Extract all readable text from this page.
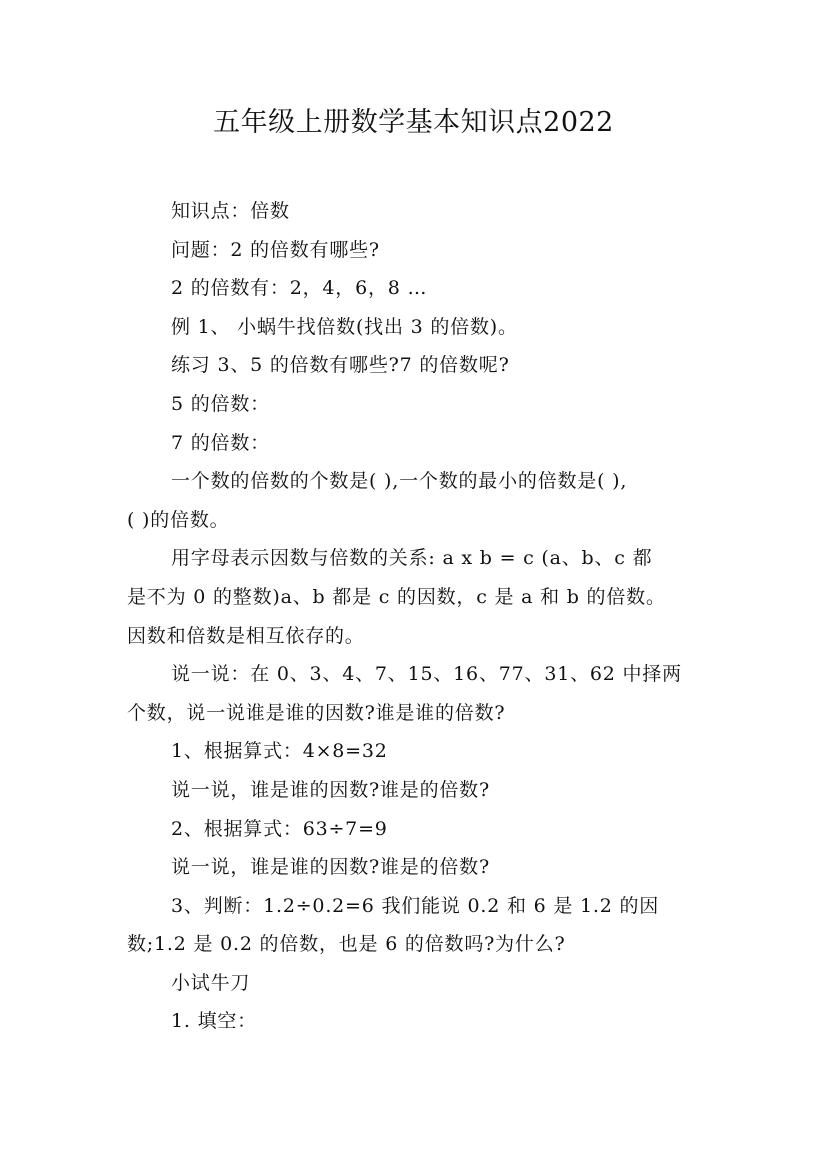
五年级上册数学基本知识点2022

知识点：倍数

问题：2 的倍数有哪些?

2 的倍数有：2，4，6，8 …

例 1、 小蜗牛找倍数(找出 3 的倍数)。

练习 3、5 的倍数有哪些?7 的倍数呢?

5 的倍数：

7 的倍数：

一个数的倍数的个数是( ),一个数的最小的倍数是( ),

( )的倍数。

用字母表示因数与倍数的关系: a x b = c (a、b、c 都

是不为 0 的整数)a、b 都是 c 的因数，c 是 a 和 b 的倍数。

因数和倍数是相互依存的。

说一说：在 0、3、4、7、15、16、77、31、62 中择两

个数，说一说谁是谁的因数?谁是谁的倍数?

1、根据算式：4×8=32

说一说，谁是谁的因数?谁是的倍数?

2、根据算式：63÷7=9

说一说，谁是谁的因数?谁是的倍数?

3、判断：1.2÷0.2=6 我们能说 0.2 和 6 是 1.2 的因

数;1.2 是 0.2 的倍数，也是 6 的倍数吗?为什么?

小试牛刀

1. 填空：
